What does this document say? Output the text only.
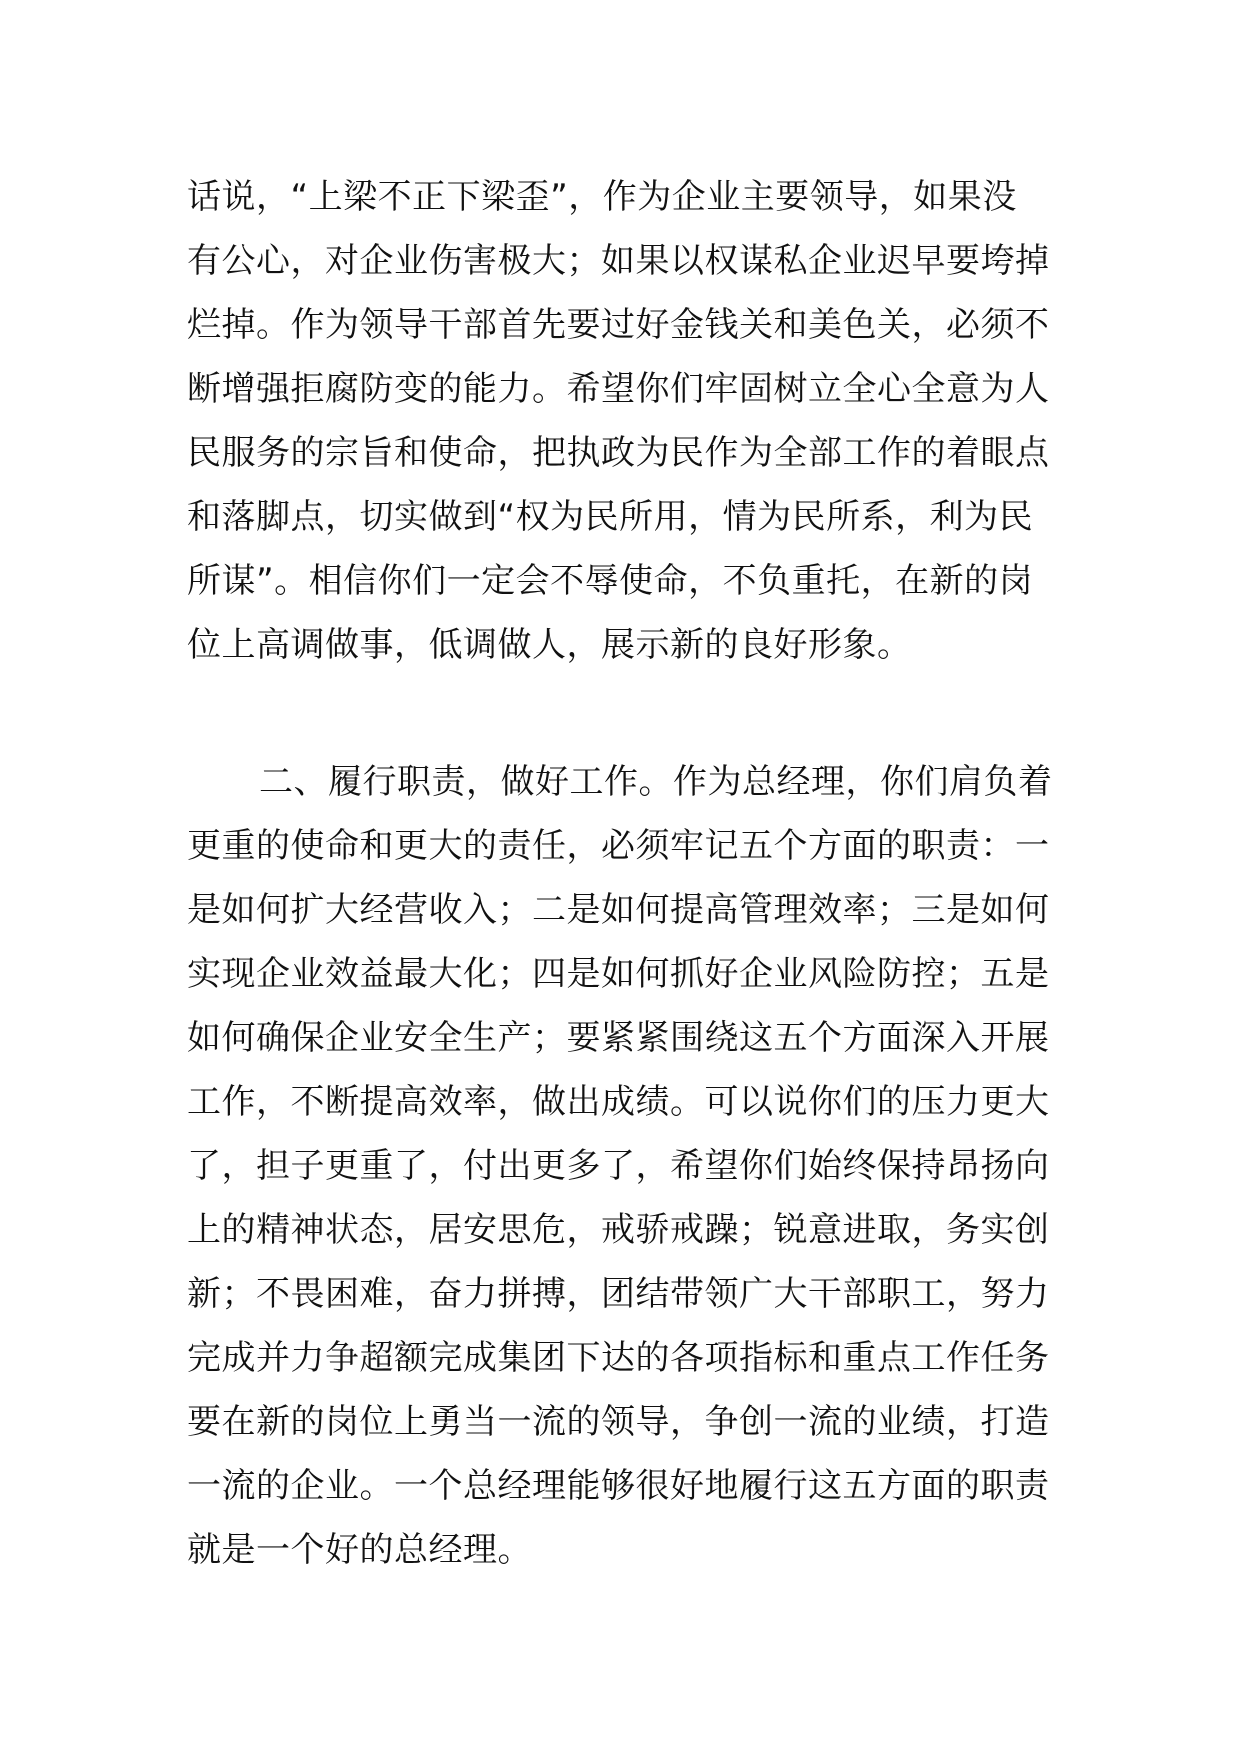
话说，“上梁不正下梁歪”，作为企业主要领导，如果没
有公心，对企业伤害极大；如果以权谋私企业迟早要垮掉
烂掉。作为领导干部首先要过好金钱关和美色关，必须不
断增强拒腐防变的能力。希望你们牢固树立全心全意为人
民服务的宗旨和使命，把执政为民作为全部工作的着眼点
和落脚点，切实做到“权为民所用，情为民所系，利为民
所谋”。相信你们一定会不辱使命，不负重托，在新的岗
位上高调做事，低调做人，展示新的良好形象。
二、履行职责，做好工作。作为总经理，你们肩负着
更重的使命和更大的责任，必须牢记五个方面的职责：一
是如何扩大经营收入；二是如何提高管理效率；三是如何
实现企业效益最大化；四是如何抓好企业风险防控；五是
如何确保企业安全生产；要紧紧围绕这五个方面深入开展
工作，不断提高效率，做出成绩。可以说你们的压力更大
了，担子更重了，付出更多了，希望你们始终保持昂扬向
上的精神状态，居安思危，戒骄戒躁；锐意进取，务实创
新；不畏困难，奋力拼搏，团结带领广大干部职工，努力
完成并力争超额完成集团下达的各项指标和重点工作任务
要在新的岗位上勇当一流的领导，争创一流的业绩，打造
一流的企业。一个总经理能够很好地履行这五方面的职责
就是一个好的总经理。
